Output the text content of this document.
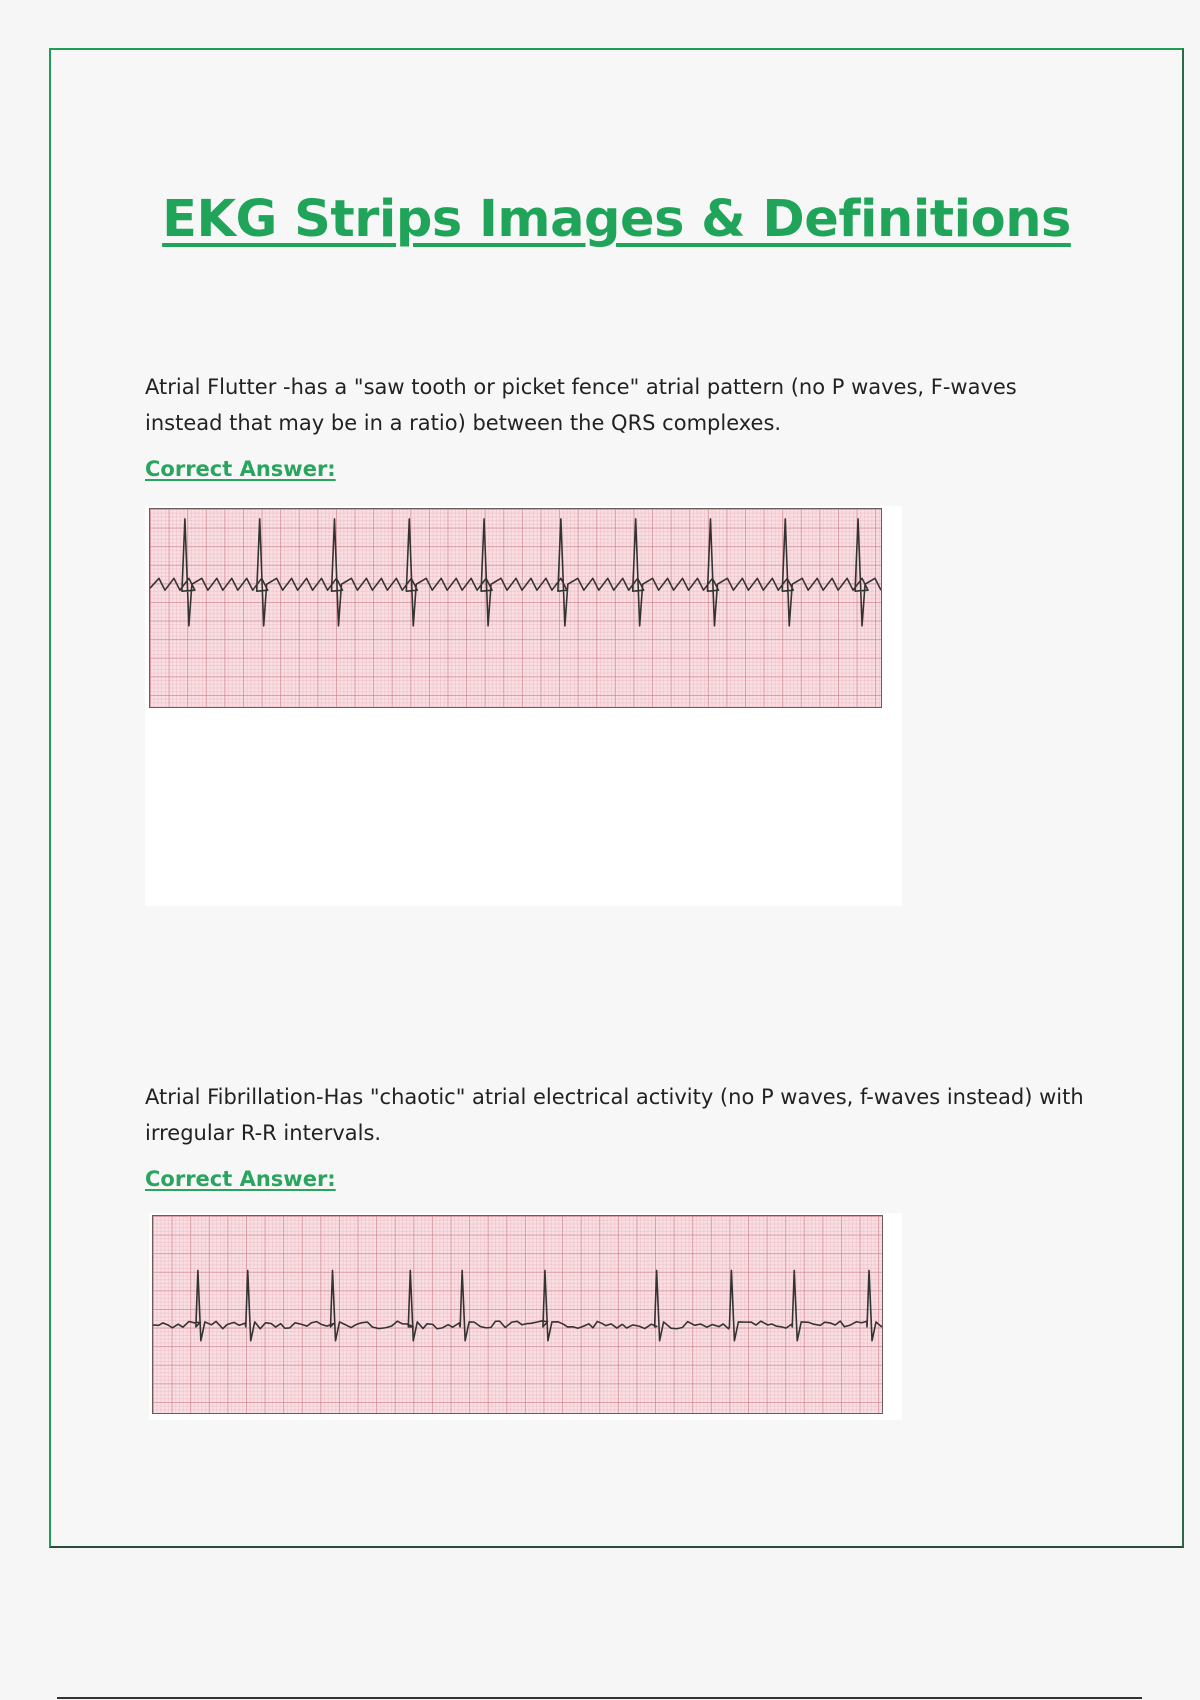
EKG Strips Images & Definitions
Atrial Flutter -has a "saw tooth or picket fence" atrial pattern (no P waves, F-waves instead that may be in a ratio) between the QRS complexes.
Correct Answer:
Atrial Fibrillation-Has "chaotic" atrial electrical activity (no P waves, f-waves instead) with irregular R-R intervals.
Correct Answer:
